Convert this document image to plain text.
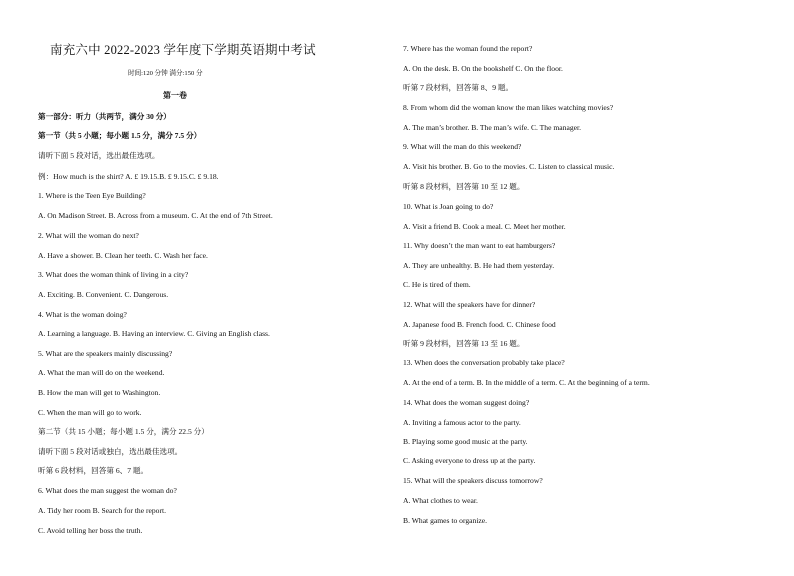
南充六中 2022-2023 学年度下学期英语期中考试
时间:120 分钟 满分:150 分
第一卷
第一部分：听力（共两节，满分 30 分）
第一节（共 5 小题；每小题 1.5 分，满分 7.5 分）
请听下面 5 段对话，选出最佳选项。
例：How much is the shirt? A. £ 19.15.B. £ 9.15.C. £ 9.18.
1. Where is the Teen Eye Building?
A. On Madison Street. B. Across from a museum. C. At the end of 7th Street.
2. What will the woman do next?
A. Have a shower. B. Clean her teeth. C. Wash her face.
3. What does the woman think of living in a city?
A. Exciting. B. Convenient. C. Dangerous.
4. What is the woman doing?
A. Learning a language. B. Having an interview. C. Giving an English class.
5. What are the speakers mainly discussing?
A. What the man will do on the weekend.
B. How the man will get to Washington.
C. When the man will go to work.
第二节（共 15 小题；每小题 1.5 分，满分 22.5 分）
请听下面 5 段对话或独白，选出最佳选项。
听第 6 段材料，回答第 6、7 题。
6. What does the man suggest the woman do?
A. Tidy her room B. Search for the report.
C. Avoid telling her boss the truth.
7. Where has the woman found the report?
A. On the desk. B. On the bookshelf C. On the floor.
听第 7 段材料，回答第 8、9 题。
8. From whom did the woman know the man likes watching movies?
A. The man’s brother. B. The man’s wife. C. The manager.
9. What will the man do this weekend?
A. Visit his brother. B. Go to the movies. C. Listen to classical music.
听第 8 段材料，回答第 10 至 12 题。
10. What is Joan going to do?
A. Visit a friend B. Cook a meal. C. Meet her mother.
11. Why doesn’t the man want to eat hamburgers?
A. They are unhealthy. B. He had them yesterday.
C. He is tired of them.
12. What will the speakers have for dinner?
A. Japanese food B. French food. C. Chinese food
听第 9 段材料，回答第 13 至 16 题。
13. When does the conversation probably take place?
A. At the end of a term. B. In the middle of a term. C. At the beginning of a term.
14. What does the woman suggest doing?
A. Inviting a famous actor to the party.
B. Playing some good music at the party.
C. Asking everyone to dress up at the party.
15. What will the speakers discuss tomorrow?
A. What clothes to wear.
B. What games to organize.
